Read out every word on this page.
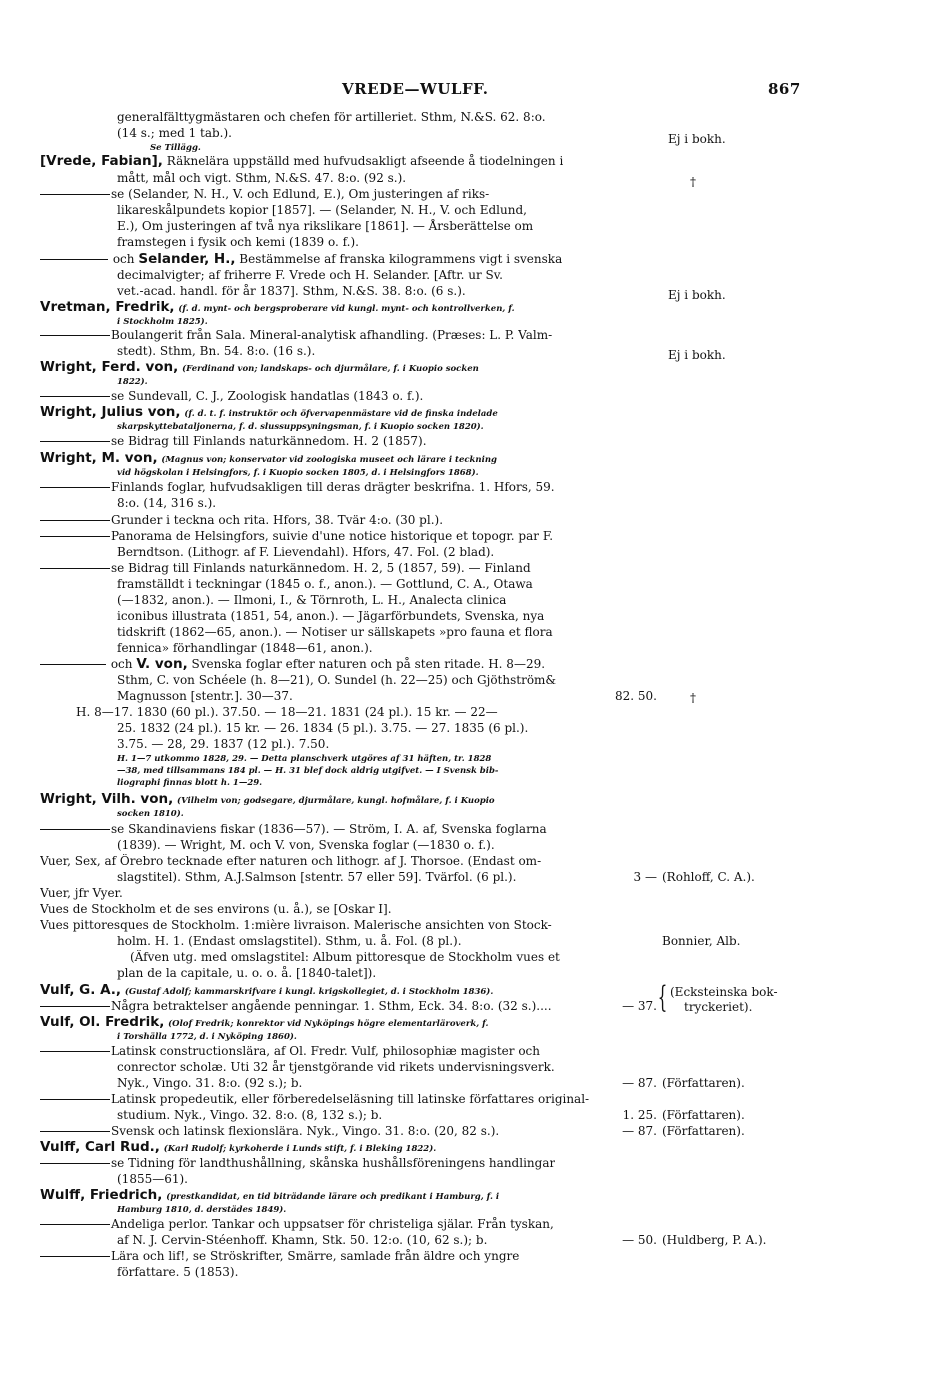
VREDE—WULFF.	867
generalfälttygmästaren och chefen för artilleriet. Sthm, N.&S. 62. 8:o.
(14 s.; med 1 tab.).
Se Tillägg.
[Vrede, Fabian], Räknelära uppställd med hufvudsakligt afseende å tiodelningen i
mått, mål och vigt. Sthm, N.&S. 47. 8:o. (92 s.).
se (Selander, N. H., V. och Edlund, E.), Om justeringen af riks-
likareskålpundets kopior [1857]. — (Selander, N. H., V. och Edlund,
E.), Om justeringen af två nya rikslikare [1861]. — Årsberättelse om
framstegen i fysik och kemi (1839 o. f.).
och Selander, H., Bestämmelse af franska kilogrammens vigt i svenska
decimalvigter; af friherre F. Vrede och H. Selander. [Aftr. ur Sv.
vet.-acad. handl. för år 1837]. Sthm, N.&S. 38. 8:o. (6 s.).
Vretman, Fredrik, (f. d. mynt- och bergsproberare vid kungl. mynt- och kontrollverken, f.
i Stockholm 1825).
Boulangerit från Sala. Mineral-analytisk afhandling. (Præses: L. P. Valm-
stedt). Sthm, Bn. 54. 8:o. (16 s.).
Wright, Ferd. von, (Ferdinand von; landskaps- och djurmålare, f. i Kuopio socken
1822).
se Sundevall, C. J., Zoologisk handatlas (1843 o. f.).
Wright, Julius von, (f. d. t. f. instruktör och öfvervapenmästare vid de finska indelade
skarpskyttebataljonerna, f. d. slussuppsyningsman, f. i Kuopio socken 1820).
se Bidrag till Finlands naturkännedom. H. 2 (1857).
Wright, M. von, (Magnus von; konservator vid zoologiska museet och lärare i teckning
vid högskolan i Helsingfors, f. i Kuopio socken 1805, d. i Helsingfors 1868).
Finlands foglar, hufvudsakligen till deras drägter beskrifna. 1. Hfors, 59.
8:o. (14, 316 s.).
Grunder i teckna och rita. Hfors, 38. Tvär 4:o. (30 pl.).
Panorama de Helsingfors, suivie d'une notice historique et topogr. par F.
Berndtson. (Lithogr. af F. Lievendahl). Hfors, 47. Fol. (2 blad).
se Bidrag till Finlands naturkännedom. H. 2, 5 (1857, 59). — Finland
framställdt i teckningar (1845 o. f., anon.). — Gottlund, C. A., Otawa
(—1832, anon.). — Ilmoni, I., & Törnroth, L. H., Analecta clinica
iconibus illustrata (1851, 54, anon.). — Jägarförbundets, Svenska, nya
tidskrift (1862—65, anon.). — Notiser ur sällskapets »pro fauna et flora
fennica» förhandlingar (1848—61, anon.).
och V. von, Svenska foglar efter naturen och på sten ritade. H. 8—29.
Sthm, C. von Schéele (h. 8—21), O. Sundel (h. 22—25) och Gjöthström&
Magnusson [stentr.]. 30—37.
H. 8—17. 1830 (60 pl.). 37.50. — 18—21. 1831 (24 pl.). 15 kr. — 22—
25. 1832 (24 pl.). 15 kr. — 26. 1834 (5 pl.). 3.75. — 27. 1835 (6 pl.).
3.75. — 28, 29. 1837 (12 pl.). 7.50.
H. 1—7 utkommo 1828, 29. — Detta planschverk utgöres af 31 häften, tr. 1828
—38, med tillsammans 184 pl. — H. 31 blef dock aldrig utgifvet. — I Svensk bib-
liographi finnas blott h. 1—29.
Wright, Vilh. von, (Vilhelm von; godsegare, djurmålare, kungl. hofmålare, f. i Kuopio
socken 1810).
se Skandinaviens fiskar (1836—57). — Ström, I. A. af, Svenska foglarna
(1839). — Wright, M. och V. von, Svenska foglar (—1830 o. f.).
Vuer, Sex, af Örebro tecknade efter naturen och lithogr. af J. Thorsoe. (Endast om-
slagstitel). Sthm, A.J.Salmson [stentr. 57 eller 59]. Tvärfol. (6 pl.).
Vuer, jfr Vyer.
Vues de Stockholm et de ses environs (u. å.), se [Oskar I].
Vues pittoresques de Stockholm. 1:mière livraison. Malerische ansichten von Stock-
holm. H. 1. (Endast omslagstitel). Sthm, u. å. Fol. (8 pl.).
(Äfven utg. med omslagstitel: Album pittoresque de Stockholm vues et
plan de la capitale, u. o. o. å. [1840-talet]).
Vulf, G. A., (Gustaf Adolf; kammarskrifvare i kungl. krigskollegiet, d. i Stockholm 1836).
Några betraktelser angående penningar. 1. Sthm, Eck. 34. 8:o. (32 s.)....
Vulf, Ol. Fredrik, (Olof Fredrik; konrektor vid Nyköpings högre elementarläroverk, f.
i Torshälla 1772, d. i Nyköping 1860).
Latinsk constructionslära, af Ol. Fredr. Vulf, philosophiæ magister och
conrector scholæ. Uti 32 år tjenstgörande vid rikets undervisningsverk.
Nyk., Vingo. 31. 8:o. (92 s.); b.
Latinsk propedeutik, eller förberedelseläsning till latinske författares original-
studium. Nyk., Vingo. 32. 8:o. (8, 132 s.); b.
Svensk och latinsk flexionslära. Nyk., Vingo. 31. 8:o. (20, 82 s.).
Vulff, Carl Rud., (Karl Rudolf; kyrkoherde i Lunds stift, f. i Bleking 1822).
se Tidning för landthushållning, skånska hushållsföreningens handlingar
(1855—61).
Wulff, Friedrich, (prestkandidat, en tid biträdande lärare och predikant i Hamburg, f. i
Hamburg 1810, d. derstädes 1849).
Andeliga perlor. Tankar och uppsatser för christeliga själar. Från tyskan,
af N. J. Cervin-Stéenhoff. Khamn, Stk. 50. 12:o. (10, 62 s.); b.
Lära och lif!, se Ströskrifter, Smärre, samlade från äldre och yngre
författare. 5 (1853).
Ej i bokh.
†
Ej i bokh.
Ej i bokh.
82. 50.	†
3 — (Rohloff, C. A.).
Bonnier, Alb.
— 37. { (Ecksteinska bok-
tryckeriet).
— 87. (Författaren).
1. 25. (Författaren).
— 87. (Författaren).
— 50. (Huldberg, P. A.).
